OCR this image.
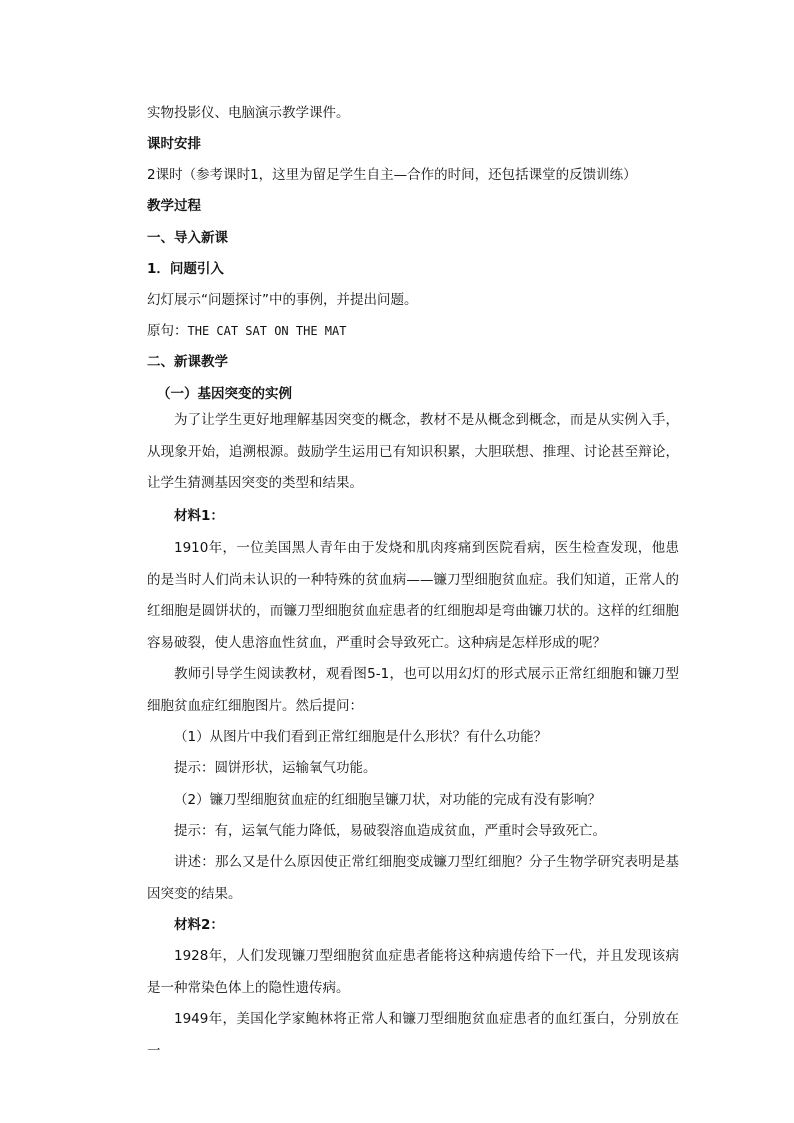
实物投影仪、电脑演示教学课件。
课时安排
2课时（参考课时1，这里为留足学生自主—合作的时间，还包括课堂的反馈训练）
教学过程
一、导入新课
1．问题引入
幻灯展示“问题探讨”中的事例，并提出问题。
原句：THE CAT SAT ON THE MAT
二、新课教学
（一）基因突变的实例
为了让学生更好地理解基因突变的概念，教材不是从概念到概念，而是从实例入手，从现象开始，追溯根源。鼓励学生运用已有知识积累，大胆联想、推理、讨论甚至辩论，让学生猜测基因突变的类型和结果。
材料1：
1910年，一位美国黑人青年由于发烧和肌肉疼痛到医院看病，医生检查发现，他患的是当时人们尚未认识的一种特殊的贫血病——镰刀型细胞贫血症。我们知道，正常人的红细胞是圆饼状的，而镰刀型细胞贫血症患者的红细胞却是弯曲镰刀状的。这样的红细胞容易破裂，使人患溶血性贫血，严重时会导致死亡。这种病是怎样形成的呢？
教师引导学生阅读教材，观看图5-1，也可以用幻灯的形式展示正常红细胞和镰刀型细胞贫血症红细胞图片。然后提问：
（1）从图片中我们看到正常红细胞是什么形状？有什么功能？
提示：圆饼形状，运输氧气功能。
（2）镰刀型细胞贫血症的红细胞呈镰刀状，对功能的完成有没有影响？
提示：有，运氧气能力降低，易破裂溶血造成贫血，严重时会导致死亡。
讲述：那么又是什么原因使正常红细胞变成镰刀型红细胞？分子生物学研究表明是基因突变的结果。
材料2：
1928年，人们发现镰刀型细胞贫血症患者能将这种病遗传给下一代，并且发现该病是一种常染色体上的隐性遗传病。
1949年，美国化学家鲍林将正常人和镰刀型细胞贫血症患者的血红蛋白，分别放在一
